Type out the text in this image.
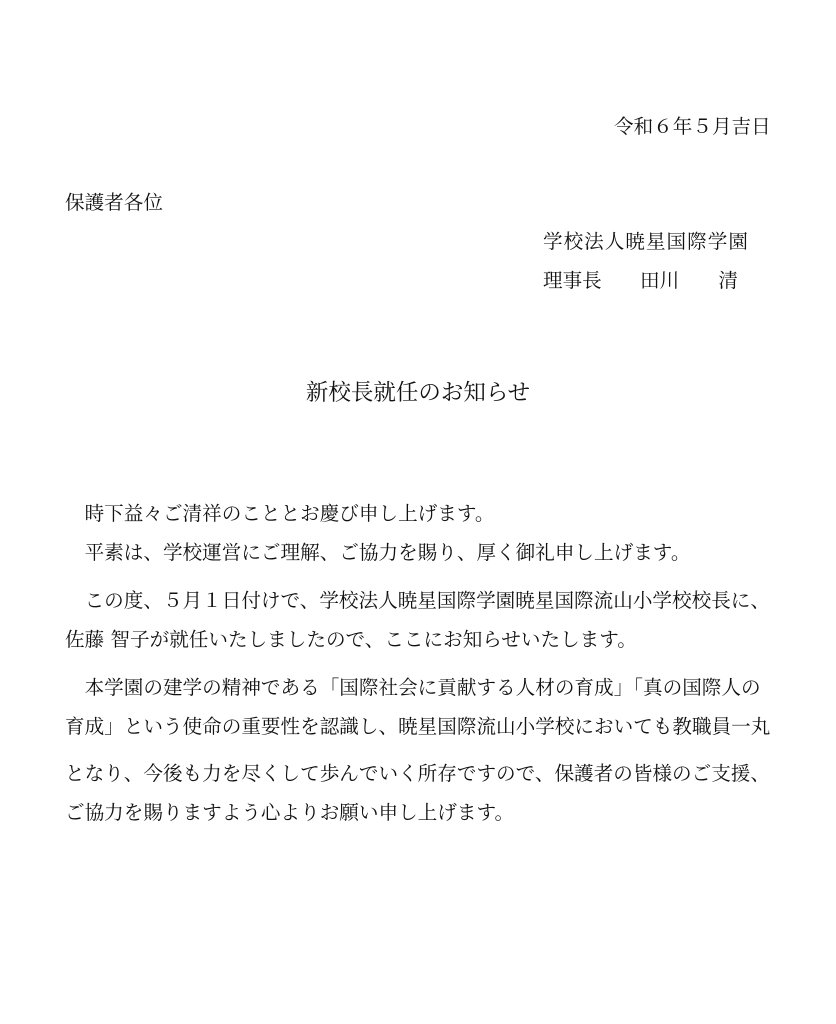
令和６年５月吉日
保護者各位
学校法人暁星国際学園
理事長 田川　　清
新校長就任のお知らせ
　時下益々ご清祥のこととお慶び申し上げます。
　平素は、学校運営にご理解、ご協力を賜り、厚く御礼申し上げます。
　この度、５月１日付けで、学校法人暁星国際学園暁星国際流山小学校校長に、
佐藤 智子が就任いたしましたので、ここにお知らせいたします。
　本学園の建学の精神である「国際社会に貢献する人材の育成」「真の国際人の
育成」という使命の重要性を認識し、暁星国際流山小学校においても教職員一丸
となり、今後も力を尽くして歩んでいく所存ですので、保護者の皆様のご支援、
ご協力を賜りますよう心よりお願い申し上げます。
